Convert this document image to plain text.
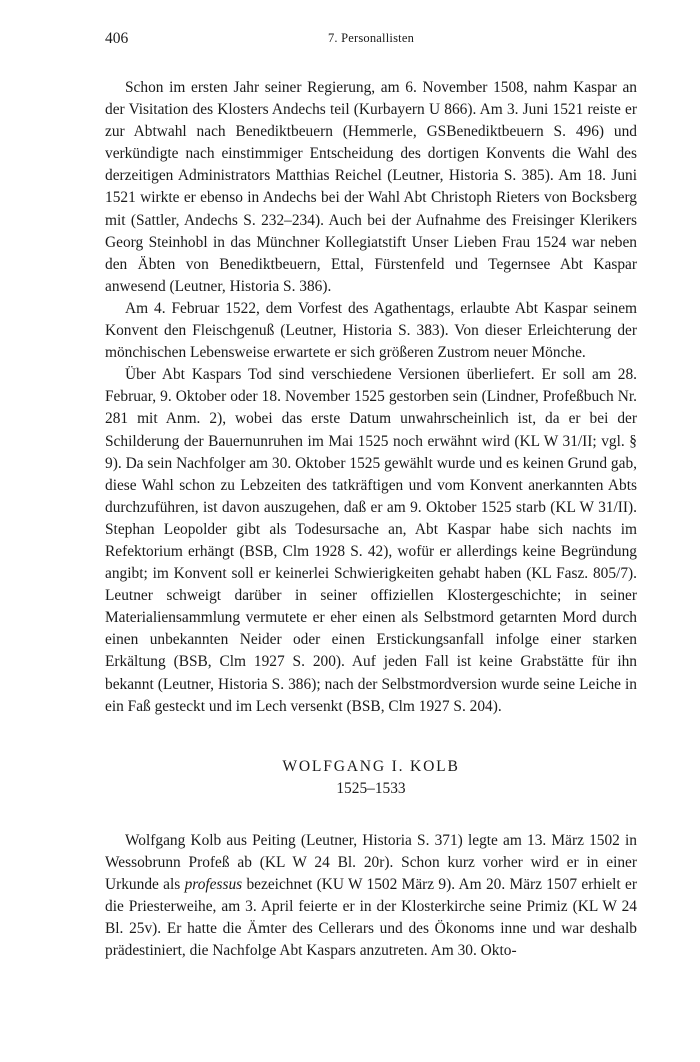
406	7. Personallisten

Schon im ersten Jahr seiner Regierung, am 6. November 1508, nahm Kaspar an der Visitation des Klosters Andechs teil (Kurbayern U 866). Am 3. Juni 1521 reiste er zur Abtwahl nach Benediktbeuern (Hemmerle, GSBenediktbeuern S. 496) und verkündigte nach einstimmiger Entscheidung des dortigen Konvents die Wahl des derzeitigen Administrators Matthias Reichel (Leutner, Historia S. 385). Am 18. Juni 1521 wirkte er ebenso in Andechs bei der Wahl Abt Christoph Rieters von Bocksberg mit (Sattler, Andechs S. 232–234). Auch bei der Aufnahme des Freisinger Klerikers Georg Steinhobl in das Münchner Kollegiatstift Unser Lieben Frau 1524 war neben den Äbten von Benediktbeuern, Ettal, Fürstenfeld und Tegernsee Abt Kaspar anwesend (Leutner, Historia S. 386).

Am 4. Februar 1522, dem Vorfest des Agathentags, erlaubte Abt Kaspar seinem Konvent den Fleischgenuß (Leutner, Historia S. 383). Von dieser Erleichterung der mönchischen Lebensweise erwartete er sich größeren Zustrom neuer Mönche.

Über Abt Kaspars Tod sind verschiedene Versionen überliefert. Er soll am 28. Februar, 9. Oktober oder 18. November 1525 gestorben sein (Lindner, Profeßbuch Nr. 281 mit Anm. 2), wobei das erste Datum unwahrscheinlich ist, da er bei der Schilderung der Bauernunruhen im Mai 1525 noch erwähnt wird (KL W 31/II; vgl. § 9). Da sein Nachfolger am 30. Oktober 1525 gewählt wurde und es keinen Grund gab, diese Wahl schon zu Lebzeiten des tatkräftigen und vom Konvent anerkannten Abts durchzuführen, ist davon auszugehen, daß er am 9. Oktober 1525 starb (KL W 31/II). Stephan Leopolder gibt als Todesursache an, Abt Kaspar habe sich nachts im Refektorium erhängt (BSB, Clm 1928 S. 42), wofür er allerdings keine Begründung angibt; im Konvent soll er keinerlei Schwierigkeiten gehabt haben (KL Fasz. 805/7). Leutner schweigt darüber in seiner offiziellen Klostergeschichte; in seiner Materialiensammlung vermutete er eher einen als Selbstmord getarnten Mord durch einen unbekannten Neider oder einen Erstickungsanfall infolge einer starken Erkältung (BSB, Clm 1927 S. 200). Auf jeden Fall ist keine Grabstätte für ihn bekannt (Leutner, Historia S. 386); nach der Selbstmordversion wurde seine Leiche in ein Faß gesteckt und im Lech versenkt (BSB, Clm 1927 S. 204).

WOLFGANG I. KOLB
1525–1533

Wolfgang Kolb aus Peiting (Leutner, Historia S. 371) legte am 13. März 1502 in Wessobrunn Profeß ab (KL W 24 Bl. 20r). Schon kurz vorher wird er in einer Urkunde als professus bezeichnet (KU W 1502 März 9). Am 20. März 1507 erhielt er die Priesterweihe, am 3. April feierte er in der Klosterkirche seine Primiz (KL W 24 Bl. 25v). Er hatte die Ämter des Cellerars und des Ökonoms inne und war deshalb prädestiniert, die Nachfolge Abt Kaspars anzutreten. Am 30. Okto-
